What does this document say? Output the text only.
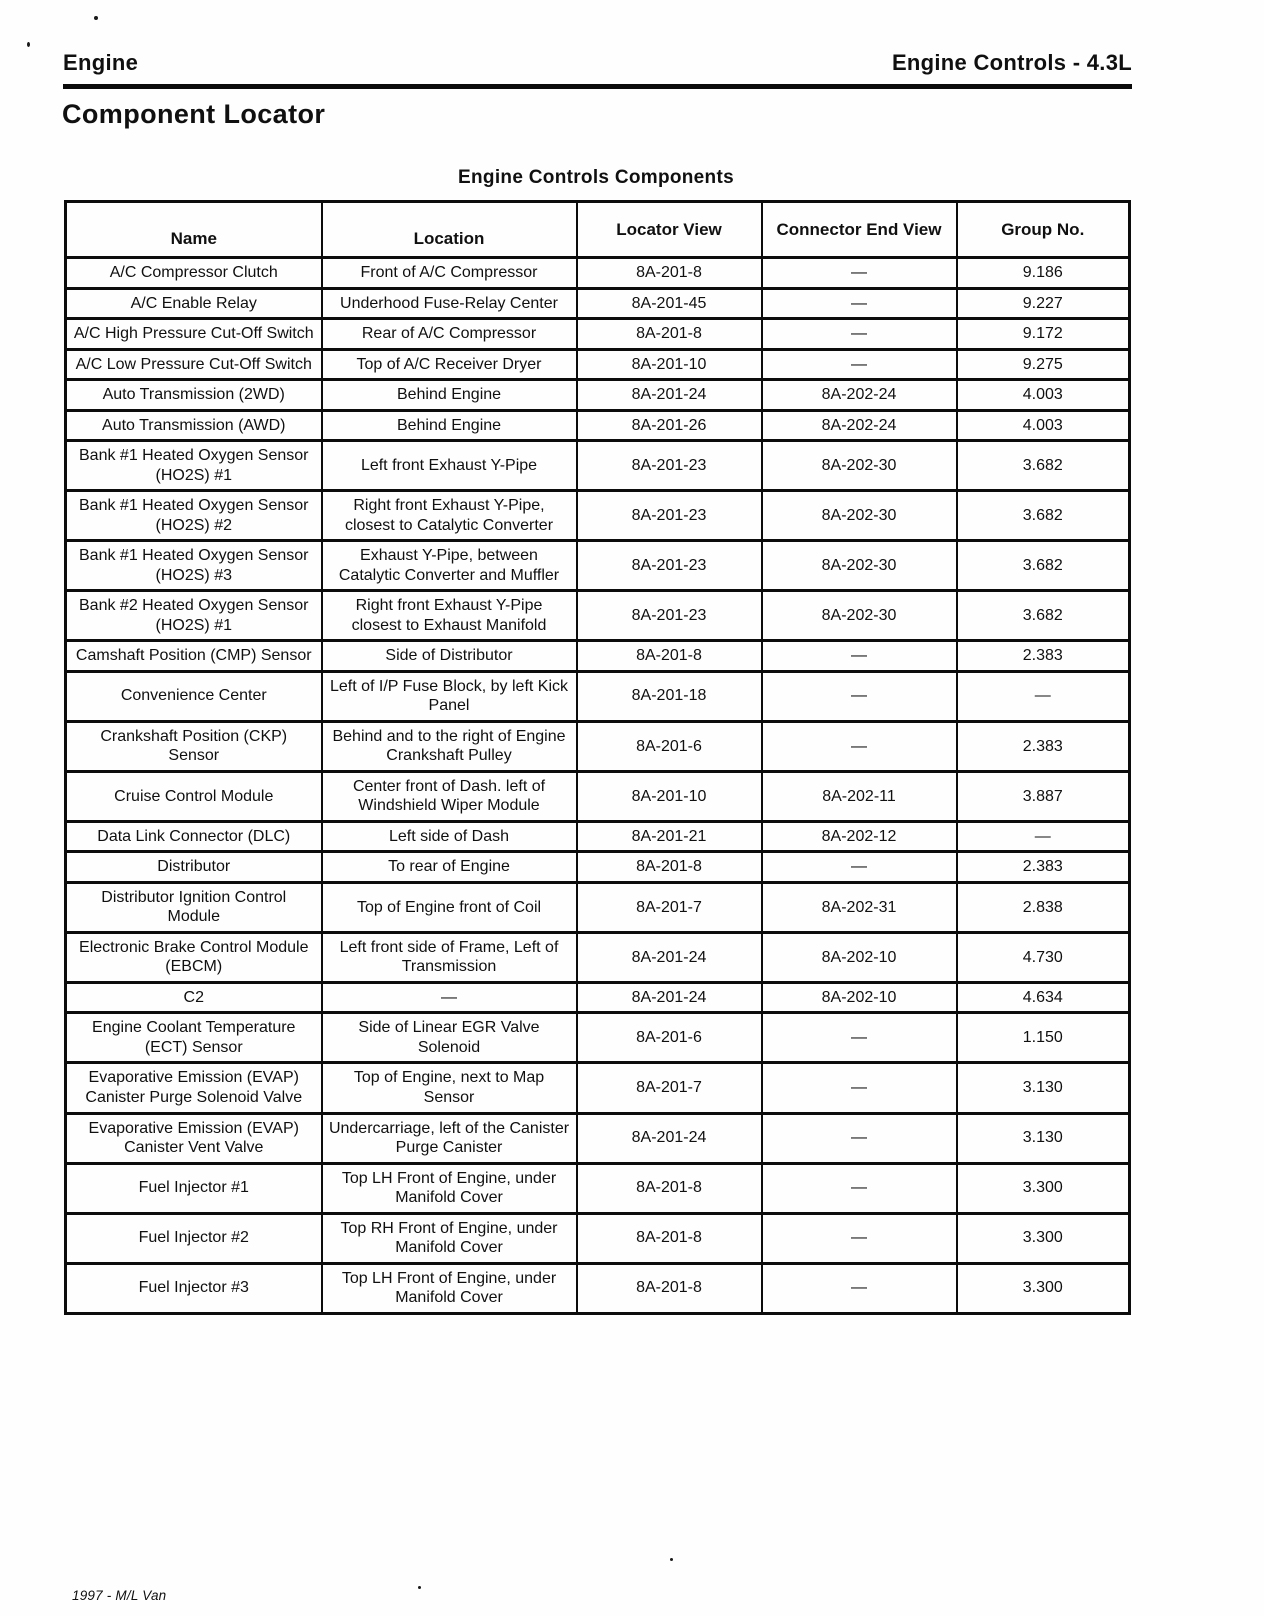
Engine	Engine Controls - 4.3L
Component Locator
Engine Controls Components
Name	Location	Locator View	Connector End View	Group No.
A/C Compressor Clutch	Front of A/C Compressor	8A-201-8	—	9.186
A/C Enable Relay	Underhood Fuse-Relay Center	8A-201-45	—	9.227
A/C High Pressure Cut-Off Switch	Rear of A/C Compressor	8A-201-8	—	9.172
A/C Low Pressure Cut-Off Switch	Top of A/C Receiver Dryer	8A-201-10	—	9.275
Auto Transmission (2WD)	Behind Engine	8A-201-24	8A-202-24	4.003
Auto Transmission (AWD)	Behind Engine	8A-201-26	8A-202-24	4.003
Bank #1 Heated Oxygen Sensor (HO2S) #1	Left front Exhaust Y-Pipe	8A-201-23	8A-202-30	3.682
Bank #1 Heated Oxygen Sensor (HO2S) #2	Right front Exhaust Y-Pipe, closest to Catalytic Converter	8A-201-23	8A-202-30	3.682
Bank #1 Heated Oxygen Sensor (HO2S) #3	Exhaust Y-Pipe, between Catalytic Converter and Muffler	8A-201-23	8A-202-30	3.682
Bank #2 Heated Oxygen Sensor (HO2S) #1	Right front Exhaust Y-Pipe closest to Exhaust Manifold	8A-201-23	8A-202-30	3.682
Camshaft Position (CMP) Sensor	Side of Distributor	8A-201-8	—	2.383
Convenience Center	Left of I/P Fuse Block, by left Kick Panel	8A-201-18	—	—
Crankshaft Position (CKP) Sensor	Behind and to the right of Engine Crankshaft Pulley	8A-201-6	—	2.383
Cruise Control Module	Center front of Dash. left of Windshield Wiper Module	8A-201-10	8A-202-11	3.887
Data Link Connector (DLC)	Left side of Dash	8A-201-21	8A-202-12	—
Distributor	To rear of Engine	8A-201-8	—	2.383
Distributor Ignition Control Module	Top of Engine front of Coil	8A-201-7	8A-202-31	2.838
Electronic Brake Control Module (EBCM)	Left front side of Frame, Left of Transmission	8A-201-24	8A-202-10	4.730
C2	—	8A-201-24	8A-202-10	4.634
Engine Coolant Temperature (ECT) Sensor	Side of Linear EGR Valve Solenoid	8A-201-6	—	1.150
Evaporative Emission (EVAP) Canister Purge Solenoid Valve	Top of Engine, next to Map Sensor	8A-201-7	—	3.130
Evaporative Emission (EVAP) Canister Vent Valve	Undercarriage, left of the Canister Purge Canister	8A-201-24	—	3.130
Fuel Injector #1	Top LH Front of Engine, under Manifold Cover	8A-201-8	—	3.300
Fuel Injector #2	Top RH Front of Engine, under Manifold Cover	8A-201-8	—	3.300
Fuel Injector #3	Top LH Front of Engine, under Manifold Cover	8A-201-8	—	3.300
1997 - M/L Van
